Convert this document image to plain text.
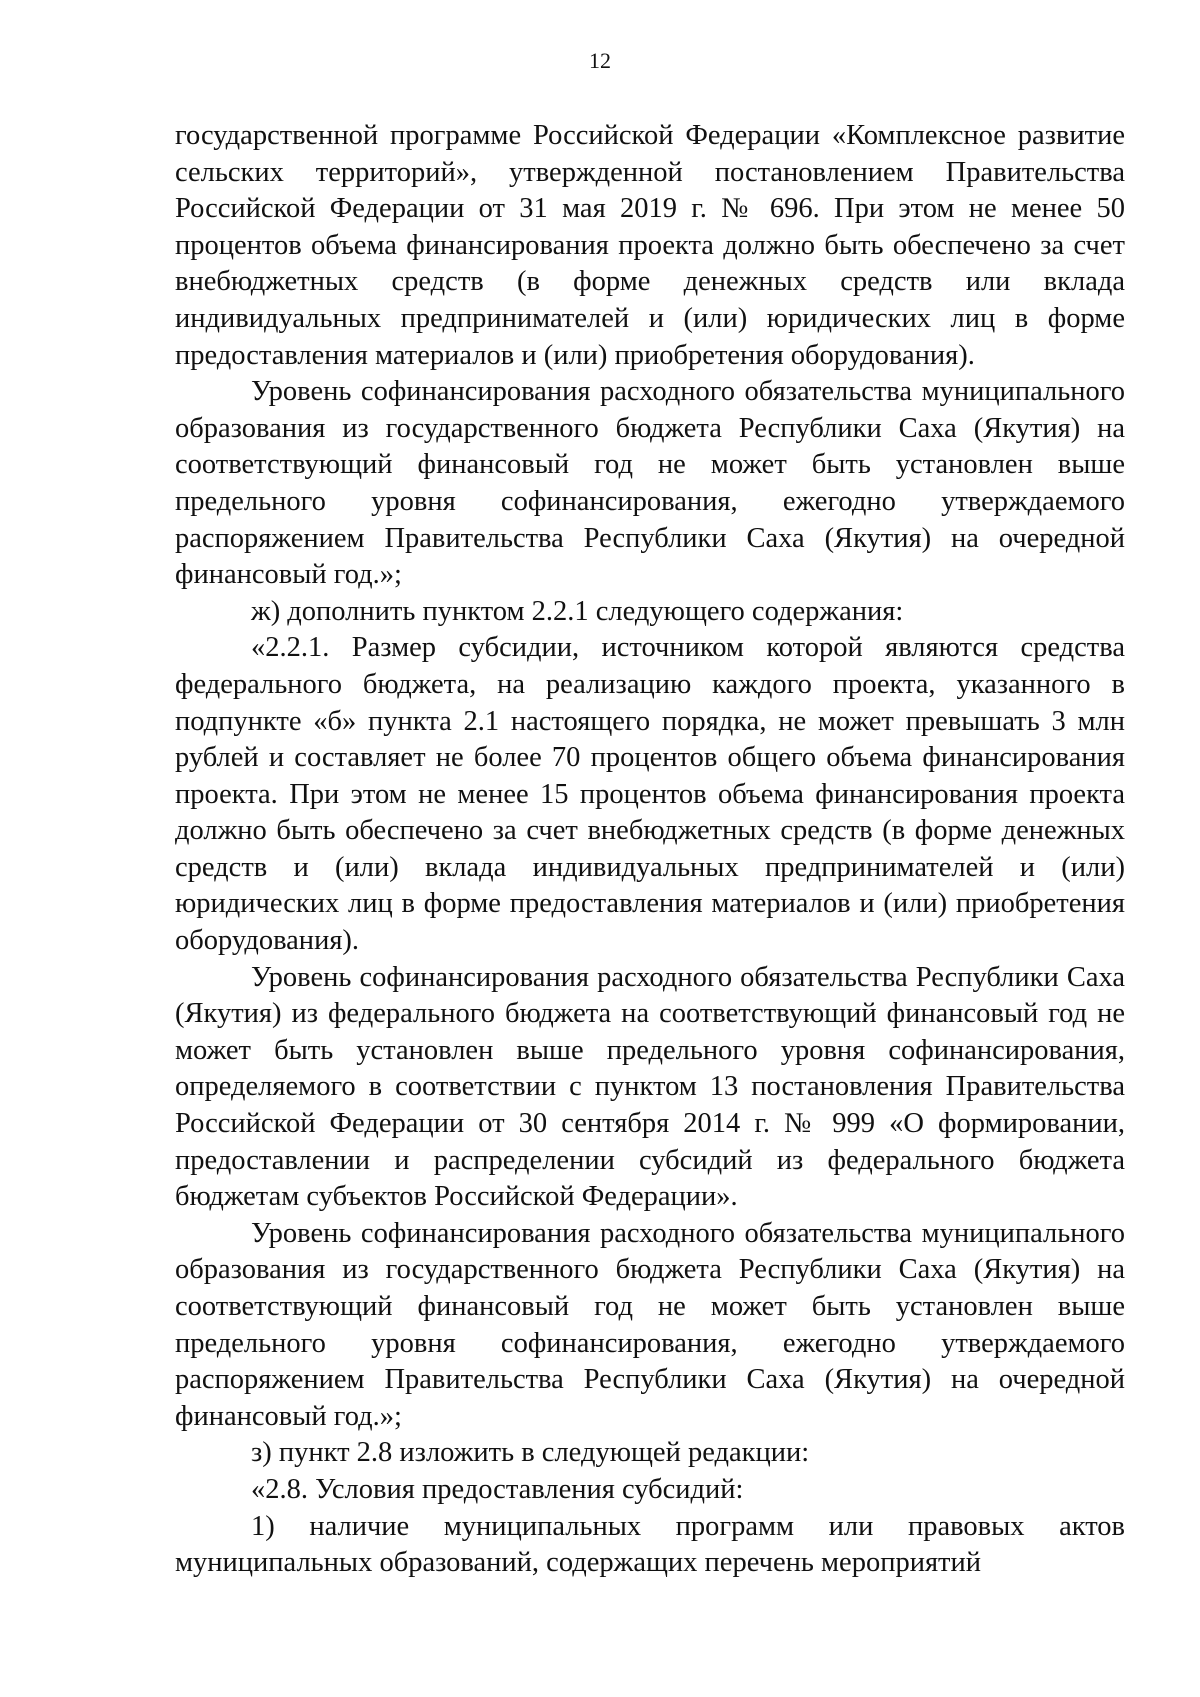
12

государственной программе Российской Федерации «Комплексное развитие сельских территорий», утвержденной постановлением Правительства Российской Федерации от 31 мая 2019 г. № 696. При этом не менее 50 процентов объема финансирования проекта должно быть обеспечено за счет внебюджетных средств (в форме денежных средств или вклада индивидуальных предпринимателей и (или) юридических лиц в форме предоставления материалов и (или) приобретения оборудования).

Уровень софинансирования расходного обязательства муниципального образования из государственного бюджета Республики Саха (Якутия) на соответствующий финансовый год не может быть установлен выше предельного уровня софинансирования, ежегодно утверждаемого распоряжением Правительства Республики Саха (Якутия) на очередной финансовый год.»;

ж) дополнить пунктом 2.2.1 следующего содержания:

«2.2.1. Размер субсидии, источником которой являются средства федерального бюджета, на реализацию каждого проекта, указанного в подпункте «б» пункта 2.1 настоящего порядка, не может превышать 3 млн рублей и составляет не более 70 процентов общего объема финансирования проекта. При этом не менее 15 процентов объема финансирования проекта должно быть обеспечено за счет внебюджетных средств (в форме денежных средств и (или) вклада индивидуальных предпринимателей и (или) юридических лиц в форме предоставления материалов и (или) приобретения оборудования).

Уровень софинансирования расходного обязательства Республики Саха (Якутия) из федерального бюджета на соответствующий финансовый год не может быть установлен выше предельного уровня софинансирования, определяемого в соответствии с пунктом 13 постановления Правительства Российской Федерации от 30 сентября 2014 г. № 999 «О формировании, предоставлении и распределении субсидий из федерального бюджета бюджетам субъектов Российской Федерации».

Уровень софинансирования расходного обязательства муниципального образования из государственного бюджета Республики Саха (Якутия) на соответствующий финансовый год не может быть установлен выше предельного уровня софинансирования, ежегодно утверждаемого распоряжением Правительства Республики Саха (Якутия) на очередной финансовый год.»;

з) пункт 2.8 изложить в следующей редакции:

«2.8. Условия предоставления субсидий:

1) наличие муниципальных программ или правовых актов муниципальных образований, содержащих перечень мероприятий
